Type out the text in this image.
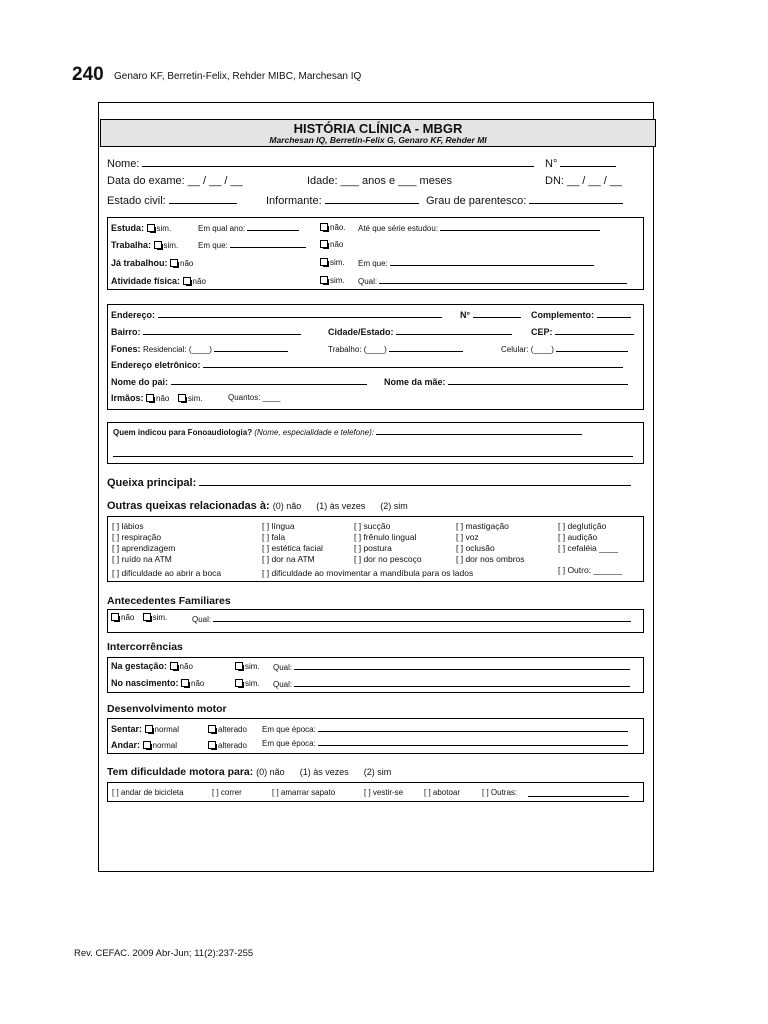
240 Genaro KF, Berretin-Felix, Rehder MIBC, Marchesan IQ
HISTÓRIA CLÍNICA - MBGR
Marchesan IQ, Berretin-Felix G, Genaro KF, Rehder MI
Nome:	N°
Data do exame: __ / __ / __	Idade: ___ anos e ___ meses	DN: __ / __ / __
Estado civil:	Informante:	Grau de parentesco:
Estuda: sim.	Em qual ano:	não. Até que série estudou:
Trabalha: sim. Em que:	não
Já trabalhou: não	sim. Em que:
Atividade física: não	sim. Qual:
Endereço:	N°	Complemento:
Bairro:	Cidade/Estado:	CEP:
Fones: Residencial: (____)	Trabalho: (____)	Celular: (____)
Endereço eletrônico:
Nome do pai:	Nome da mãe:
Irmãos: não sim.	Quantos: ____
Quem indicou para Fonoaudiologia? (Nome, especialidade e telefone):
Queixa principal:
Outras queixas relacionadas à: (0) não      (1) às vezes      (2) sim
[ ] lábios	[ ] língua	[ ] sucção	[ ] mastigação	[ ] deglutição
[ ] respiração	[ ] fala	[ ] frênulo lingual	[ ] voz	[ ] audição
[ ] aprendizagem	[ ] estética facial	[ ] postura	[ ] oclusão	[ ] cefaléia ____
[ ] ruído na ATM	[ ] dor na ATM	[ ] dor no pescoço	[ ] dor nos ombros
[ ] Outro: ______
[ ] dificuldade ao abrir a boca	[ ] dificuldade ao movimentar a mandíbula para os lados
Antecedentes Familiares
não sim.	Qual:
Intercorrências
Na gestação: não	sim. Qual:
No nascimento: não	sim. Qual:
Desenvolvimento motor
Sentar: normal	alterado Em que época:
Andar: normal	alterado Em que época:
Tem dificuldade motora para: (0) não      (1) às vezes      (2) sim
[ ] andar de bicicleta	[ ] correr	[ ] amarrar sapato	[ ] vestir-se	[ ] abotoar	[ ] Outras:
Rev. CEFAC. 2009 Abr-Jun; 11(2):237-255
